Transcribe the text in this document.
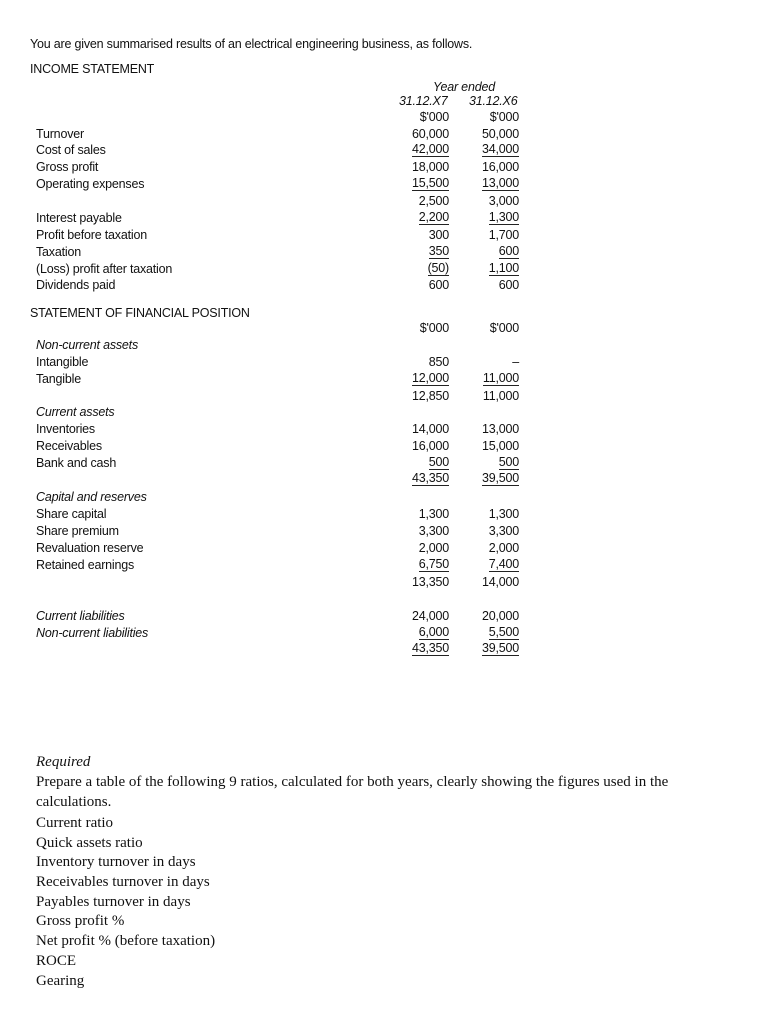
You are given summarised results of an electrical engineering business, as follows.
INCOME STATEMENT
Year ended
31.12.X7 31.12.X6
$'000	$'000
Turnover	60,000	50,000
Cost of sales	42,000	34,000
Gross profit	18,000	16,000
Operating expenses	15,500	13,000
2,500	3,000
Interest payable	2,200	1,300
Profit before taxation	300	1,700
Taxation	350	600
(Loss) profit after taxation	(50)	1,100
Dividends paid	600	600
STATEMENT OF FINANCIAL POSITION
$'000	$'000
Non-current assets
Intangible	850	–
Tangible	12,000	11,000
12,850	11,000
Current assets
Inventories	14,000	13,000
Receivables	16,000	15,000
Bank and cash	500	500
43,350	39,500
Capital and reserves
Share capital	1,300	1,300
Share premium	3,300	3,300
Revaluation reserve	2,000	2,000
Retained earnings	6,750	7,400
13,350	14,000
Current liabilities	24,000	20,000
Non-current liabilities	6,000	5,500
43,350	39,500
Required
Prepare a table of the following 9 ratios, calculated for both years, clearly showing the figures used in the
calculations.
Current ratio
Quick assets ratio
Inventory turnover in days
Receivables turnover in days
Payables turnover in days
Gross profit %
Net profit % (before taxation)
ROCE
Gearing
